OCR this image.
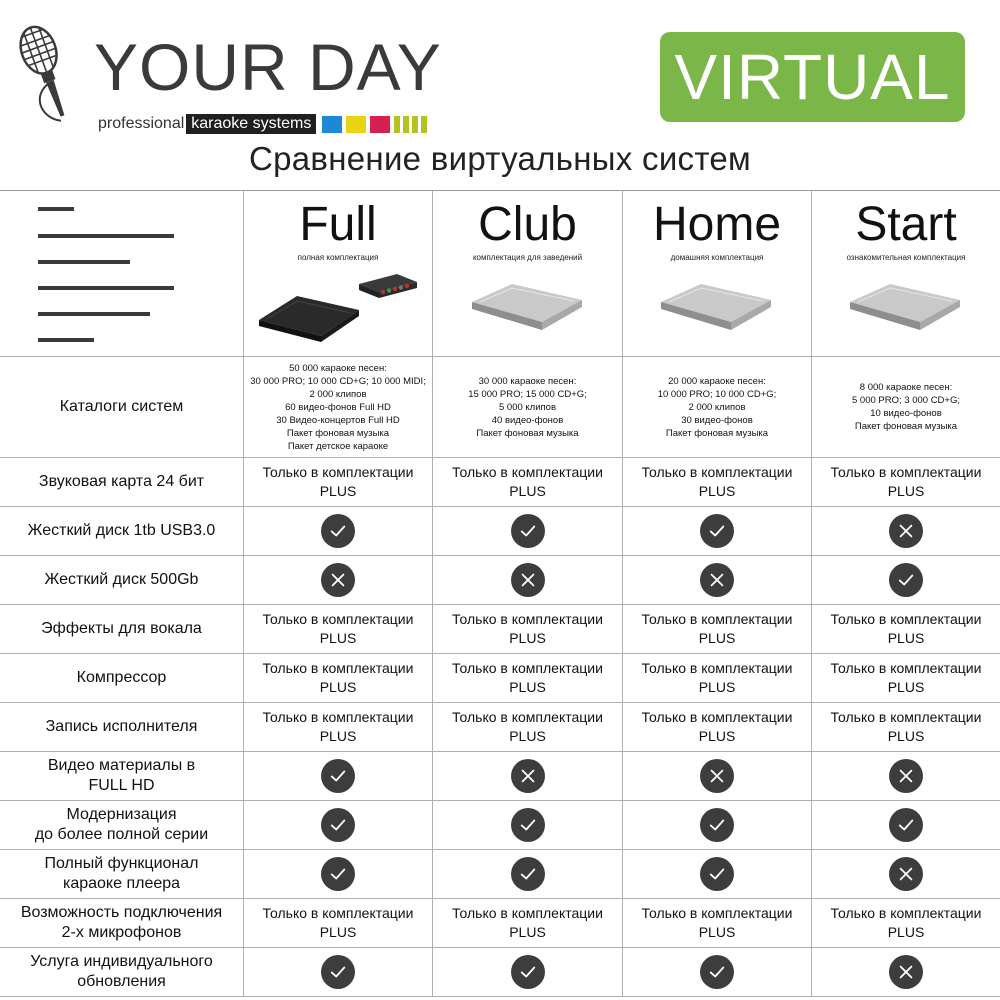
YOUR DAY
professional karaoke systems
VIRTUAL
Сравнение виртуальных систем
Full
полная комплектация
Club
комплектация для заведений
Home
домашняя комплектация
Start
ознакомительная комплектация
Каталоги систем
50 000 караоке песен:
30 000 PRO; 10 000 CD+G; 10 000 MIDI;
2 000 клипов
60 видео-фонов Full HD
30 Видео-концертов Full HD
Пакет фоновая музыка
Пакет детское караоке
30 000 караоке песен:
15 000 PRO; 15 000 CD+G;
5 000 клипов
40 видео-фонов
Пакет фоновая музыка
20 000 караоке песен:
10 000 PRO; 10 000 CD+G;
2 000 клипов
30 видео-фонов
Пакет фоновая музыка
8 000 караоке песен:
5 000 PRO; 3 000 CD+G;
10 видео-фонов
Пакет фоновая музыка
Звуковая карта 24 бит
Только в комплектации
PLUS
Только в комплектации
PLUS
Только в комплектации
PLUS
Только в комплектации
PLUS
Жесткий диск 1tb USB3.0
Жесткий диск 500Gb
Эффекты для вокала
Только в комплектации
PLUS
Только в комплектации
PLUS
Только в комплектации
PLUS
Только в комплектации
PLUS
Компрессор
Только в комплектации
PLUS
Только в комплектации
PLUS
Только в комплектации
PLUS
Только в комплектации
PLUS
Запись исполнителя
Только в комплектации
PLUS
Только в комплектации
PLUS
Только в комплектации
PLUS
Только в комплектации
PLUS
Видео материалы в
FULL HD
Модернизация
до более полной серии
Полный функционал
караоке плеера
Возможность подключения
2-х микрофонов
Только в комплектации
PLUS
Только в комплектации
PLUS
Только в комплектации
PLUS
Только в комплектации
PLUS
Услуга индивидуального
обновления
